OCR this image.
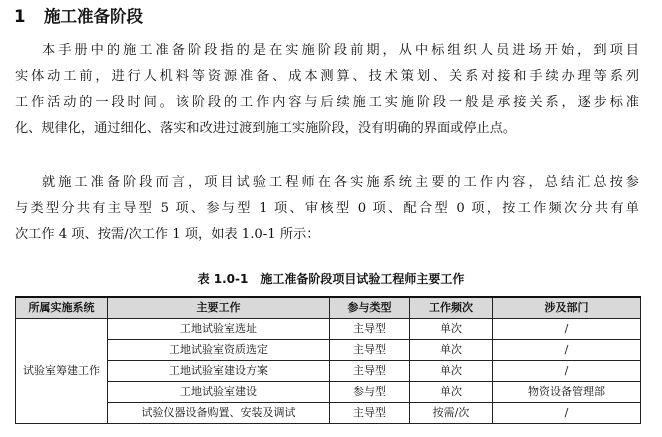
1 施工准备阶段

本手册中的施工准备阶段指的是在实施阶段前期，从中标组织人员进场开始，到项目
实体动工前，进行人机料等资源准备、成本测算、技术策划、关系对接和手续办理等系列
工作活动的一段时间。该阶段的工作内容与后续施工实施阶段一般是承接关系，逐步标准
化、规律化，通过细化、落实和改进过渡到施工实施阶段，没有明确的界面或停止点。

就施工准备阶段而言，项目试验工程师在各实施系统主要的工作内容，总结汇总按参
与类型分共有主导型 5 项、参与型 1 项、审核型 0 项、配合型 0 项，按工作频次分共有单
次工作 4 项、按需/次工作 1 项，如表 1.0-1 所示：

表 1.0-1 施工准备阶段项目试验工程师主要工作
所属实施系统	主要工作	参与类型	工作频次	涉及部门
试验室筹建工作	工地试验室选址	主导型	单次	/
	工地试验室资质选定	主导型	单次	/
	工地试验室建设方案	主导型	单次	/
	工地试验室建设	参与型	单次	物资设备管理部
	试验仪器设备购置、安装及调试	主导型	按需/次	/
